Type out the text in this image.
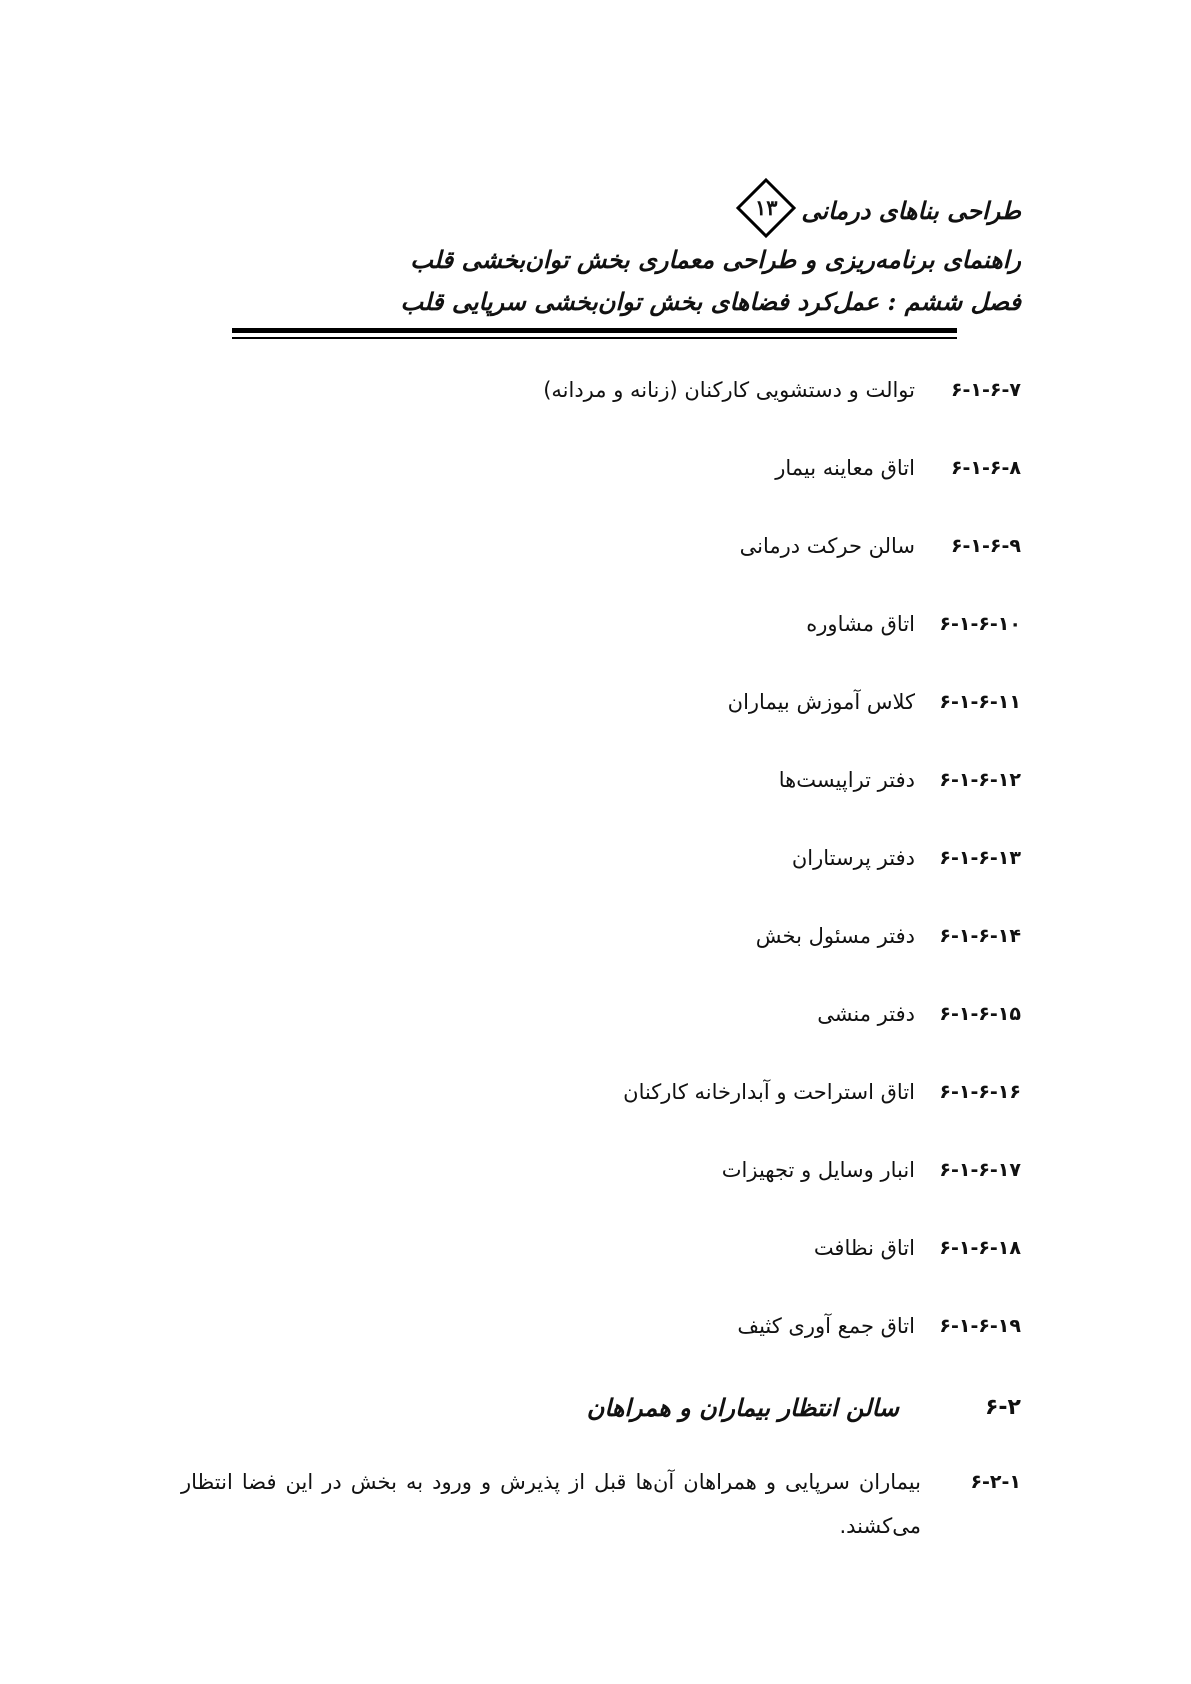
طراحی بناهای درمانی
۱۳
راهنمای برنامه‌ریزی و طراحی معماری بخش توان‌بخشی قلب
فصل ششم : عمل‌کرد فضاهای بخش توان‌بخشی سرپایی قلب
۶-۱-۶-۷
توالت و دستشویی کارکنان (زنانه و مردانه)
۶-۱-۶-۸
اتاق معاینه بیمار
۶-۱-۶-۹
سالن حرکت درمانی
۶-۱-۶-۱۰
اتاق مشاوره
۶-۱-۶-۱۱
کلاس آموزش بیماران
۶-۱-۶-۱۲
دفتر تراپیست‌ها
۶-۱-۶-۱۳
دفتر پرستاران
۶-۱-۶-۱۴
دفتر مسئول بخش
۶-۱-۶-۱۵
دفتر منشی
۶-۱-۶-۱۶
اتاق استراحت و آبدارخانه کارکنان
۶-۱-۶-۱۷
انبار وسایل و تجهیزات
۶-۱-۶-۱۸
اتاق نظافت
۶-۱-۶-۱۹
اتاق جمع آوری کثیف
۶-۲
سالن انتظار بیماران و همراهان
۶-۲-۱
بیماران سرپایی و همراهان آن‌ها قبل از پذیرش و ورود به بخش در این فضا انتظار می‌کشند.
